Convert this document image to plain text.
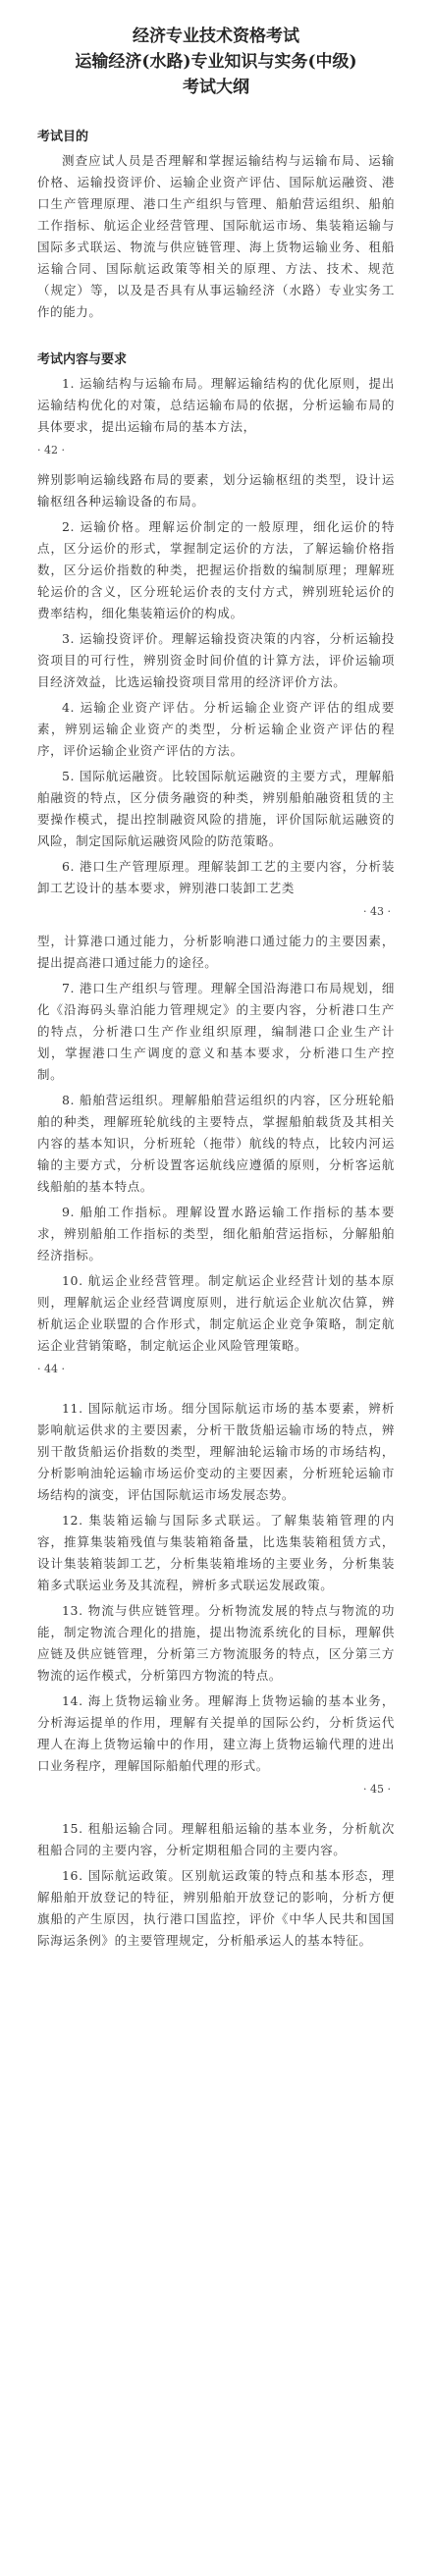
经济专业技术资格考试

运输经济(水路)专业知识与实务(中级)

考试大纲

考试目的

测查应试人员是否理解和掌握运输结构与运输布局、运输价格、运输投资评价、运输企业资产评估、国际航运融资、港口生产管理原理、港口生产组织与管理、船舶营运组织、船舶工作指标、航运企业经营管理、国际航运市场、集装箱运输与国际多式联运、物流与供应链管理、海上货物运输业务、租船运输合同、国际航运政策等相关的原理、方法、技术、规范（规定）等，以及是否具有从事运输经济（水路）专业实务工作的能力。

考试内容与要求

1. 运输结构与运输布局。理解运输结构的优化原则，提出运输结构优化的对策，总结运输布局的依据，分析运输布局的具体要求，提出运输布局的基本方法，

· 42 ·

辨别影响运输线路布局的要素，划分运输枢纽的类型，设计运输枢纽各种运输设备的布局。

2. 运输价格。理解运价制定的一般原理，细化运价的特点，区分运价的形式，掌握制定运价的方法，了解运输价格指数，区分运价指数的种类，把握运价指数的编制原理；理解班轮运价的含义，区分班轮运价表的支付方式，辨别班轮运价的费率结构，细化集装箱运价的构成。

3. 运输投资评价。理解运输投资决策的内容，分析运输投资项目的可行性，辨别资金时间价值的计算方法，评价运输项目经济效益，比选运输投资项目常用的经济评价方法。

4. 运输企业资产评估。分析运输企业资产评估的组成要素，辨别运输企业资产的类型，分析运输企业资产评估的程序，评价运输企业资产评估的方法。

5. 国际航运融资。比较国际航运融资的主要方式，理解船舶融资的特点，区分债务融资的种类，辨别船舶融资租赁的主要操作模式，提出控制融资风险的措施，评价国际航运融资的风险，制定国际航运融资风险的防范策略。

6. 港口生产管理原理。理解装卸工艺的主要内容，分析装卸工艺设计的基本要求，辨别港口装卸工艺类

· 43 ·

型，计算港口通过能力，分析影响港口通过能力的主要因素，提出提高港口通过能力的途径。

7. 港口生产组织与管理。理解全国沿海港口布局规划，细化《沿海码头靠泊能力管理规定》的主要内容，分析港口生产的特点，分析港口生产作业组织原理，编制港口企业生产计划，掌握港口生产调度的意义和基本要求，分析港口生产控制。

8. 船舶营运组织。理解船舶营运组织的内容，区分班轮船舶的种类，理解班轮航线的主要特点，掌握船舶载货及其相关内容的基本知识，分析班轮（拖带）航线的特点，比较内河运输的主要方式，分析设置客运航线应遵循的原则，分析客运航线船舶的基本特点。

9. 船舶工作指标。理解设置水路运输工作指标的基本要求，辨别船舶工作指标的类型，细化船舶营运指标，分解船舶经济指标。

10. 航运企业经营管理。制定航运企业经营计划的基本原则，理解航运企业经营调度原则，进行航运企业航次估算，辨析航运企业联盟的合作形式，制定航运企业竞争策略，制定航运企业营销策略，制定航运企业风险管理策略。

· 44 ·

11. 国际航运市场。细分国际航运市场的基本要素，辨析影响航运供求的主要因素，分析干散货船运输市场的特点，辨别干散货船运价指数的类型，理解油轮运输市场的市场结构，分析影响油轮运输市场运价变动的主要因素，分析班轮运输市场结构的演变，评估国际航运市场发展态势。

12. 集装箱运输与国际多式联运。了解集装箱管理的内容，推算集装箱残值与集装箱箱备量，比选集装箱租赁方式，设计集装箱装卸工艺，分析集装箱堆场的主要业务，分析集装箱多式联运业务及其流程，辨析多式联运发展政策。

13. 物流与供应链管理。分析物流发展的特点与物流的功能，制定物流合理化的措施，提出物流系统化的目标，理解供应链及供应链管理，分析第三方物流服务的特点，区分第三方物流的运作模式，分析第四方物流的特点。

14. 海上货物运输业务。理解海上货物运输的基本业务，分析海运提单的作用，理解有关提单的国际公约，分析货运代理人在海上货物运输中的作用，建立海上货物运输代理的进出口业务程序，理解国际船舶代理的形式。

· 45 ·

15. 租船运输合同。理解租船运输的基本业务，分析航次租船合同的主要内容，分析定期租船合同的主要内容。

16. 国际航运政策。区别航运政策的特点和基本形态，理解船舶开放登记的特征，辨别船舶开放登记的影响，分析方便旗船的产生原因，执行港口国监控，评价《中华人民共和国国际海运条例》的主要管理规定，分析船承运人的基本特征。
